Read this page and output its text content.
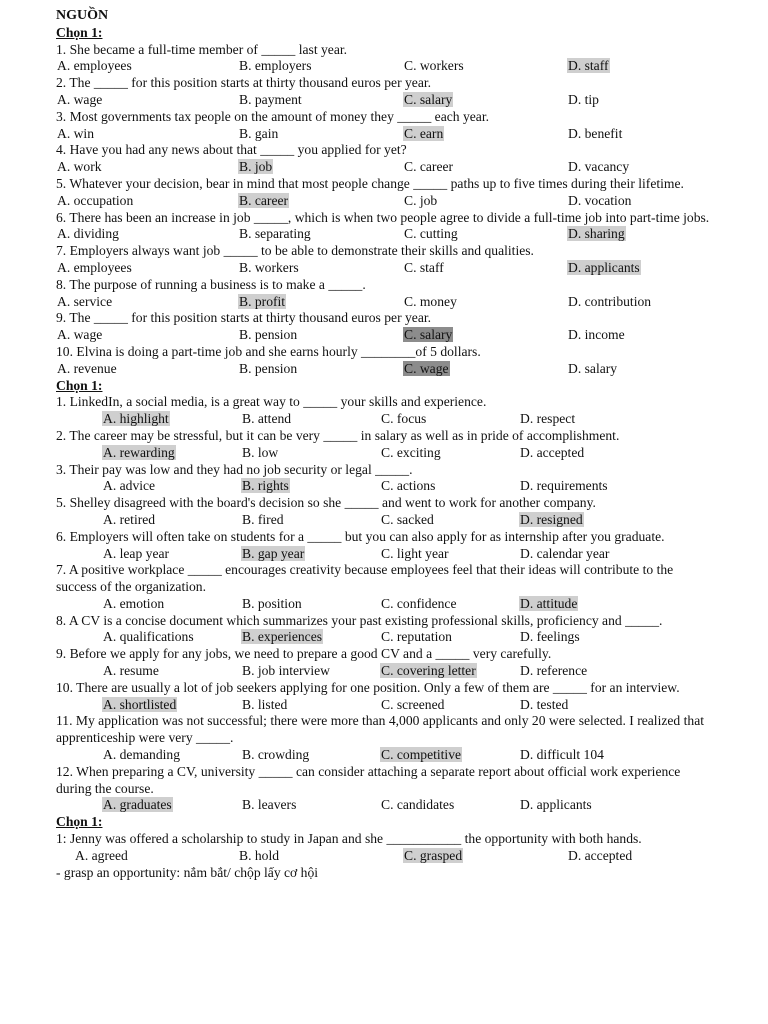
NGUỒN
Chọn 1:
1. She became a full-time member of _____ last year.
A. employees	B. employers	C. workers	D. staff
2. The _____ for this position starts at thirty thousand euros per year.
A. wage	B. payment	C. salary	D. tip
3. Most governments tax people on the amount of money they _____ each year.
A. win	B. gain	C. earn	D. benefit
4. Have you had any news about that _____ you applied for yet?
A. work	B. job	C. career	D. vacancy
5. Whatever your decision, bear in mind that most people change _____ paths up to five times during their lifetime.
A. occupation	B. career	C. job	D. vocation
6. There has been an increase in job _____, which is when two people agree to divide a full-time job into part-time jobs.
A. dividing	B. separating	C. cutting	D. sharing
7. Employers always want job _____ to be able to demonstrate their skills and qualities.
A. employees	B. workers	C. staff	D. applicants
8. The purpose of running a business is to make a _____.
A. service	B. profit	C. money	D. contribution
9. The _____ for this position starts at thirty thousand euros per year.
A. wage	B. pension	C. salary	D. income
10. Elvina is doing a part-time job and she earns hourly ________of 5 dollars.
A. revenue	B. pension	C. wage	D. salary
Chọn 1:
1. LinkedIn, a social media, is a great way to _____ your skills and experience.
A. highlight	B. attend	C. focus	D. respect
2. The career may be stressful, but it can be very _____ in salary as well as in pride of accomplishment.
A. rewarding	B. low	C. exciting	D. accepted
3. Their pay was low and they had no job security or legal _____.
A. advice	B. rights	C. actions	D. requirements
5. Shelley disagreed with the board's decision so she _____ and went to work for another company.
A. retired	B. fired	C. sacked	D. resigned
6. Employers will often take on students for a _____ but you can also apply for as internship after you graduate.
A. leap year	B. gap year	C. light year	D. calendar year
7. A positive workplace _____ encourages creativity because employees feel that their ideas will contribute to the success of the organization.
A. emotion	B. position	C. confidence	D. attitude
8. A CV is a concise document which summarizes your past existing professional skills, proficiency and _____.
A. qualifications	B. experiences	C. reputation	D. feelings
9. Before we apply for any jobs, we need to prepare a good CV and a _____ very carefully.
A. resume	B. job interview	C. covering letter	D. reference
10. There are usually a lot of job seekers applying for one position. Only a few of them are _____ for an interview.
A. shortlisted	B. listed	C. screened	D. tested
11. My application was not successful; there were more than 4,000 applicants and only 20 were selected. I realized that apprenticeship were very _____.
A. demanding	B. crowding	C. competitive	D. difficult 104
12. When preparing a CV, university _____ can consider attaching a separate report about official work experience during the course.
A. graduates	B. leavers	C. candidates	D. applicants
Chọn 1:
1: Jenny was offered a scholarship to study in Japan and she ___________ the opportunity with both hands.
A. agreed	B. hold	C. grasped	D. accepted
- grasp an opportunity: nắm bắt/ chộp lấy cơ hội
